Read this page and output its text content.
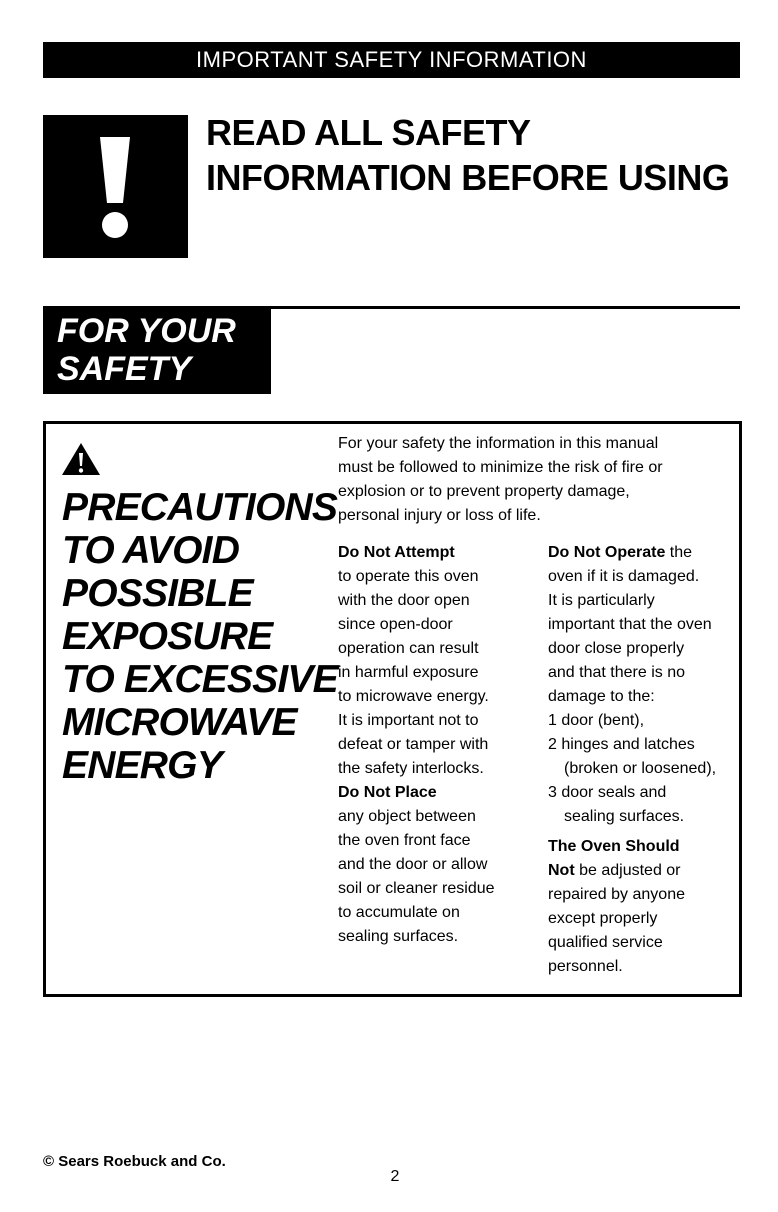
IMPORTANT SAFETY INFORMATION
READ ALL SAFETY
INFORMATION BEFORE USING
FOR YOUR
SAFETY
PRECAUTIONS
TO AVOID
POSSIBLE
EXPOSURE
TO EXCESSIVE
MICROWAVE
ENERGY
For your safety the information in this manual
must be followed to minimize the risk of fire or
explosion or to prevent property damage,
personal injury or loss of life.
Do Not Attempt
to operate this oven
with the door open
since open-door
operation can result
in harmful exposure
to microwave energy.
It is important not to
defeat or tamper with
the safety interlocks.
Do Not Place
any object between
the oven front face
and the door or allow
soil or cleaner residue
to accumulate on
sealing surfaces.
Do Not Operate the
oven if it is damaged.
It is particularly
important that the oven
door close properly
and that there is no
damage to the:
1 door (bent),
2 hinges and latches
(broken or loosened),
3 door seals and
sealing surfaces.
The Oven Should
Not be adjusted or
repaired by anyone
except properly
qualified service
personnel.
© Sears Roebuck and Co.
2
